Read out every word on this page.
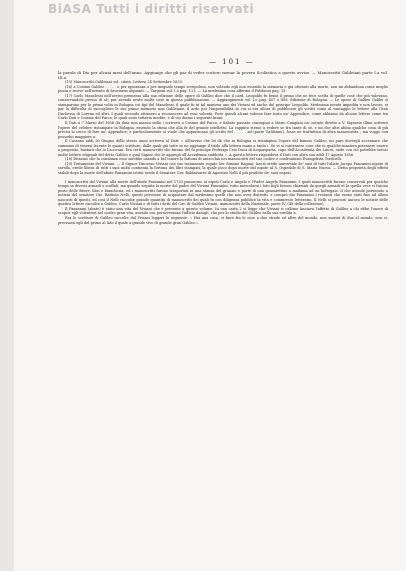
BiASA Tutti i diritti riservati
— 101 —

la parola di Dio per alcuni mesi dell'anno. Aggiunge che gli par di veder costoro menar la povera Scolàstica a questo avviso. — Manoscritti Galileiani parte I.a vol. III.a

(15) Manoscritti Galileiani vol. citato. Lettera 24 Settembre 1633.

(16) a Cosimo Galileo . . . . . o per ignoranza o per ineguale tempo scrupoloso, non volendo egli non essendo la memoria e già ottenuti alla morte, non mi abbandona come meglio possa e riceve nell'intento di bruciarne alquanti. — Targioni vol. I.o pag. 123. — La medesima cosa afferma il Fabbroni pag. 15.

(17) Carlo Manolessi nell'avviso premesso alla sua edizione delle opere di Galileo dice che il card. Leopoldo fu bensì il primo che ne fece scelta di quelle cose che più valevano, conservandole presso di sè; pur avendo avute molte cose in questa pubblicazione. — Aggiungimenti vol. I.o pag. 407 e 408. Edizione di Bologna. — Le opere di Galileo Galilei si stamparono per la prima volta in Bologna coi tipi del Manolessi, il quale fu in tal maniera uno dei Viviani ed anche del principe Leopoldo. Medesima niente impedita e non lavoro, ei per la difficoltà di raccogliere le sue prime memorie non Galileiane, il ardo per l'impossibilità in cui si era allora di pubblicare gli scritti come al vantaggio le lettere alla Gran Duchessa di Lorena ed altri. I quali secondo attinsero a riconoscere ad esso volontà. Pure quindi alcuni volesse fare tosto un' Appendice, come abbiamo da alcune lettere come tra Carlo Dati e Cosimo del Parco, le quali sono tuttavia inedite, e di cui diamo i seguenti brani.

Il Dati a 7 Marzo del 1656 (la data non manca nella ) scriveva a Cosimo del Parco, e Sabato passato consegnai a Mario Cangiani un' inviato diretto a V. Signoria Illma sotterrò l'opere del celebre ristampate in Bologna, essendo la stima che alla fe del grande intelletto. La rappiito stesse a vedere se fra tante di sè, e mi che altri abbia qualche cosa di più precisi io cerco di fare un' Appendice; e particolarmente si vuole che appariscano gli scritti del . . . . . ad (parte Galileiani), fosse ne trattattica di altra manoscritta ; ma voggo con possedui maggiore a.

Il Cassano addì 26 Giugno dello stesso anno scriveva al Dati: « All'avviso che lei dà che in Bologna si ristampino l'opere del famoso Galileo, mi pare dovergli accennare che cammino di tenersi lecente le quanti scritture, dalle quali già tutte se ne aggiunge il titolo alla lettera mano a tanta i. Se vi si contessero cose che in qualche maniera potessero essere a proposito, bastarà che io l'accenni. Era certi manoscritti che furono del fu principe Federigo Cesi Duca di Acquasparta, capo dell'Accademia dei Lincei, onde con ciò potrebbe trovar molte lettere originali del detto Galileo e qual Signor che le aggregò all'Accademia suddetta ». A questa lettera rispondeva il Dati con altra sua addì 17 Agosto 1656.

(18) Diciamo che la condanza esso sarebbe osando a bel tenore la fattona di antecchia nei manoscritti del suo codice e confrontazio Evangelista Torricelli.

(19) Testamento del Viviani. — Il Signor Vincenzo Viviani con suo testamento rogato Ser Simone Ragnai, lasciò erede universale de' suoi di tutti l'abate Jacopo Panzanini nipote di sorella, erede libera di tutti i suoi molti contienta la fortuna dei libri stampati, la quale poco dopo morte del nipote al S. Ospedale di S. Maria Nuova. — Detta proprietà degli effetti stabili dopo la morte dell'abate Panzanini istituì erede il Senatore Cav. Baldassarre di Agostino Nelli il più proibito de' suoi nepoti.

I manoscritti del Viviani alla morte dell'abate Panzanini nel 1733 passarono ai nipoti Carlo e Angelo e l'Padre Angelo Panzanini. I quali manoscritti furono conservati per qualche tempo in diversi armadi e scaffali, ma quando seguita la morte del padre del Viviani Panzanini, tutto mescolarsi i loro fogli furono chiamati da quegli armadi et la quella vece vi furono posto delle Brave, libri e biancheria, ed i manoscritti furono trasportati in una stanza del granaio e parte di una granaiettino a madama ad un bottegaio. Il che avendo pervenuto a notizia del senatore Gio. Battista Nelli, questi pervenne di acquistare dal medesimo quelli che non avea distrutti, e comprò dai Panzanini i restanti che erano stati fino ad allora nascosti di questi, ed così il Nelli raccolse grande quantità di manoscritti dei quali fu con diligenza pubblicò la vita e commercio letterario. Il Nelli si procurò ancora le notizie delle quattro lettere raccolte a Galileo, Carlo Viviani e di tutti i detti del Cav. di Galileo Viviani, manoscritti della Nazionale. parte IV, (48 della collezione).

Il Panzanini (abate) è stato una vita del Viviani che è presente a questo volume. In una carta 2 si legge che Viviani si callimo lasciava l'affetto di Galileo a chi ebbe l'onore di scoprir egli volentieri nel nostro gran vita, avendo con perseveranza l'ufficio datogli, che per lo studio del Galileo nella sua eredità a.

Era le scritture di Galileo raccolte dal Viviani leggeri la seguente: « Hai una casa, vi fiore fra le rose a due strade ed altre del mondo, non morirà di due al mondo; non vi, precisava egli del primo al lato il quale a grande vivo di grande gran Galileo ».
